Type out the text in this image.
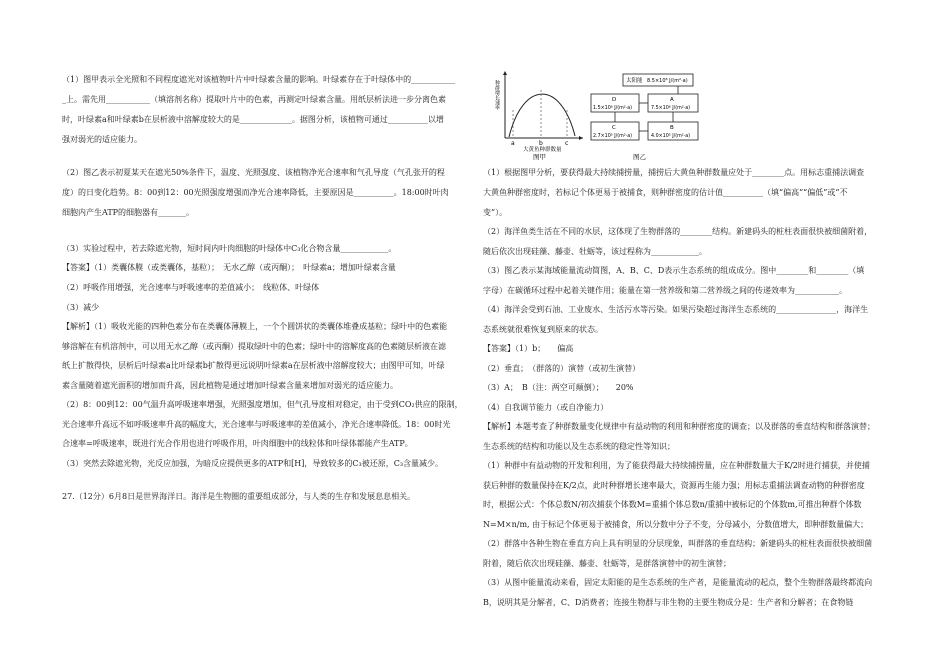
（1）图甲表示全光照和不同程度遮光对该植物叶片中叶绿素含量的影响。叶绿素存在于叶绿体中的___________
_上。需先用___________（填溶剂名称）提取叶片中的色素，再测定叶绿素含量。用纸层析法进一步分离色素
时，叶绿素a和叶绿素b在层析液中溶解度较大的是_____________。据图分析，该植物可通过__________以增
强对弱光的适应能力。
（2）图乙表示初夏某天在遮光50%条件下，温度、光照强度、该植物净光合速率和气孔导度（气孔张开的程
度）的日变化趋势。8：00到12：00光照强度增强而净光合速率降低，主要原因是__________。18:00时叶肉
细胞内产生ATP的细胞器有_______。
（3）实验过程中，若去除遮光物，短时间内叶肉细胞的叶绿体中C₃化合物含量____________。
【答案】（1）类囊体膜（或类囊体，基粒）；　无水乙醇（或丙酮）；　叶绿素a；增加叶绿素含量
（2）呼吸作用增强，光合速率与呼吸速率的差值减小；　线粒体、叶绿体
（3）减少
【解析】（1）吸收光能的四种色素分布在类囊体薄膜上，一个个圆饼状的类囊体堆叠成基粒；绿叶中的色素能
够溶解在有机溶剂中，可以用无水乙醇（或丙酮）提取绿叶中的色素；绿叶中的溶解度高的色素随层析液在滤
纸上扩散得快，层析后叶绿素a比叶绿素b扩散得更远说明叶绿素a在层析液中溶解度较大；由图甲可知，叶绿
素含量随着遮光面积的增加而升高，因此植物是通过增加叶绿素含量来增加对弱光的适应能力。
（2）8：00到12：00气温升高呼吸速率增强，光照强度增加，但气孔导度相对稳定，由于受到CO₂供应的限制，
光合速率升高远不如呼吸速率升高的幅度大，光合速率与呼吸速率的差值减小，净光合速率降低。18：00时光
合速率=呼吸速率，既进行光合作用也进行呼吸作用，叶肉细胞中的线粒体和叶绿体都能产生ATP。
（3）突然去除遮光物，光反应加强，为暗反应提供更多的ATP和[H]，导致较多的C₃被还原，C₃含量减少。
27.（12分）6月8日是世界海洋日。海洋是生物圈的重要组成部分，与人类的生存和发展息息相关。
种群增长速率
a	b	c
大黄鱼种群数量
图甲
太阳能 8.5×10⁸ J/(m²·a)
A
7.5×10⁶ J/(m²·a)
D
1.5×10⁶ J/(m²·a)
C
2.7×10⁵ J/(m²·a)
B
4.0×10⁵ J/(m²·a)
图乙
（1）根据图甲分析，要获得最大持续捕捞量，捕捞后大黄鱼种群数量应处于________点。用标志重捕法调查
大黄鱼种群密度时，若标记个体更易于被捕食，则种群密度的估计值__________（填“偏高”“偏低”或“不
变”）。
（2）海洋鱼类生活在不同的水层，这体现了生物群落的________结构。新建码头的桩柱表面很快被细菌附着，
随后依次出现硅藻、藤壶、牡蛎等，该过程称为____________。
（3）图乙表示某海域能量流动简图，A、B、C、D表示生态系统的组成成分。图中________和________（填
字母）在碳循环过程中起着关键作用；能量在第一营养级和第二营养级之间的传递效率为___________。
（4）海洋会受到石油、工业废水、生活污水等污染。如果污染超过海洋生态系统的_______________，海洋生
态系统就很难恢复到原来的状态。
【答案】（1）b；　　偏高
（2）垂直；　（群落的）演替（或初生演替）
（3）A；　B（注：两空可颠倒）；　　20%
（4）自我调节能力（或自净能力）
【解析】本题考查了种群数量变化规律中有益动物的利用和种群密度的调查；以及群落的垂直结构和群落演替；
生态系统的结构和功能以及生态系统的稳定性等知识；
（1）种群中有益动物的开发和利用，为了能获得最大持续捕捞量，应在种群数量大于K/2时进行捕获，并使捕
获后种群的数量保持在K/2点，此时种群增长速率最大，资源再生能力强；用标志重捕法调查动物的种群密度
时，根据公式：个体总数N/初次捕获个体数M=重捕个体总数n/重捕中被标记的个体数m,可推出种群个体数
N=M×n/m, 由于标记个体更易于被捕食，所以分数中分子不变，分母减小，分数值增大，即种群数量偏大；
（2）群落中各种生物在垂直方向上具有明显的分层现象，叫群落的垂直结构；新建码头的桩柱表面很快被细菌
附着，随后依次出现硅藻、藤壶、牡蛎等，是群落演替中的初生演替；
（3）从图中能量流动来看，固定太阳能的是生态系统的生产者，是能量流动的起点，整个生物群落最终都流向
B，说明其是分解者，C、D消费者；连接生物群与非生物的主要生物成分是：生产者和分解者；在食物链
